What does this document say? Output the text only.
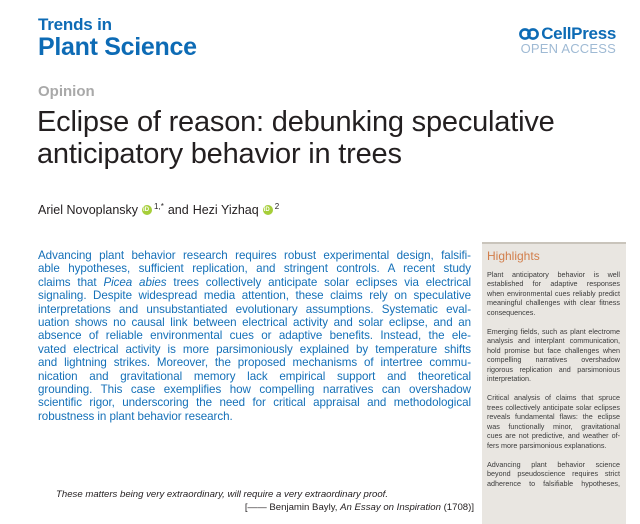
Trends in
Plant Science	CellPress
OPEN ACCESS
Opinion
Eclipse of reason: debunking speculative
anticipatory behavior in trees
Ariel Novoplansky iD $^{1,*}$ and Hezi Yizhaq iD $^2$
Advancing plant behavior research requires robust experimental design, falsifi-
able hypotheses, sufficient replication, and stringent controls. A recent study
claims that Picea abies trees collectively anticipate solar eclipses via electrical
signaling. Despite widespread media attention, these claims rely on speculative
interpretations and unsubstantiated evolutionary assumptions. Systematic eval-
uation shows no causal link between electrical activity and solar eclipse, and an
absence of reliable environmental cues or adaptive benefits. Instead, the ele-
vated electrical activity is more parsimoniously explained by temperature shifts
and lightning strikes. Moreover, the proposed mechanisms of intertree commu-
nication and gravitational memory lack empirical support and theoretical
grounding. This case exemplifies how compelling narratives can overshadow
scientific rigor, underscoring the need for critical appraisal and methodological
robustness in plant behavior research.
Highlights
Plant anticipatory behavior is well
established for adaptive responses
when environmental cues reliably predict
meaningful challenges with clear fitness
consequences.
Emerging fields, such as plant electrome
analysis and interplant communication,
hold promise but face challenges when
compelling narratives overshadow
rigorous replication and parsimonious
interpretation.
Critical analysis of claims that spruce
trees collectively anticipate solar eclipses
reveals fundamental flaws: the eclipse
was functionally minor, gravitational
cues are not predictive, and weather of-
fers more parsimonious explanations.
Advancing plant behavior science
beyond pseudoscience requires strict
adherence to falsifiable hypotheses,
These matters being very extraordinary, will require a very extraordinary proof.
[—— Benjamin Bayly, An Essay on Inspiration (1708)]
